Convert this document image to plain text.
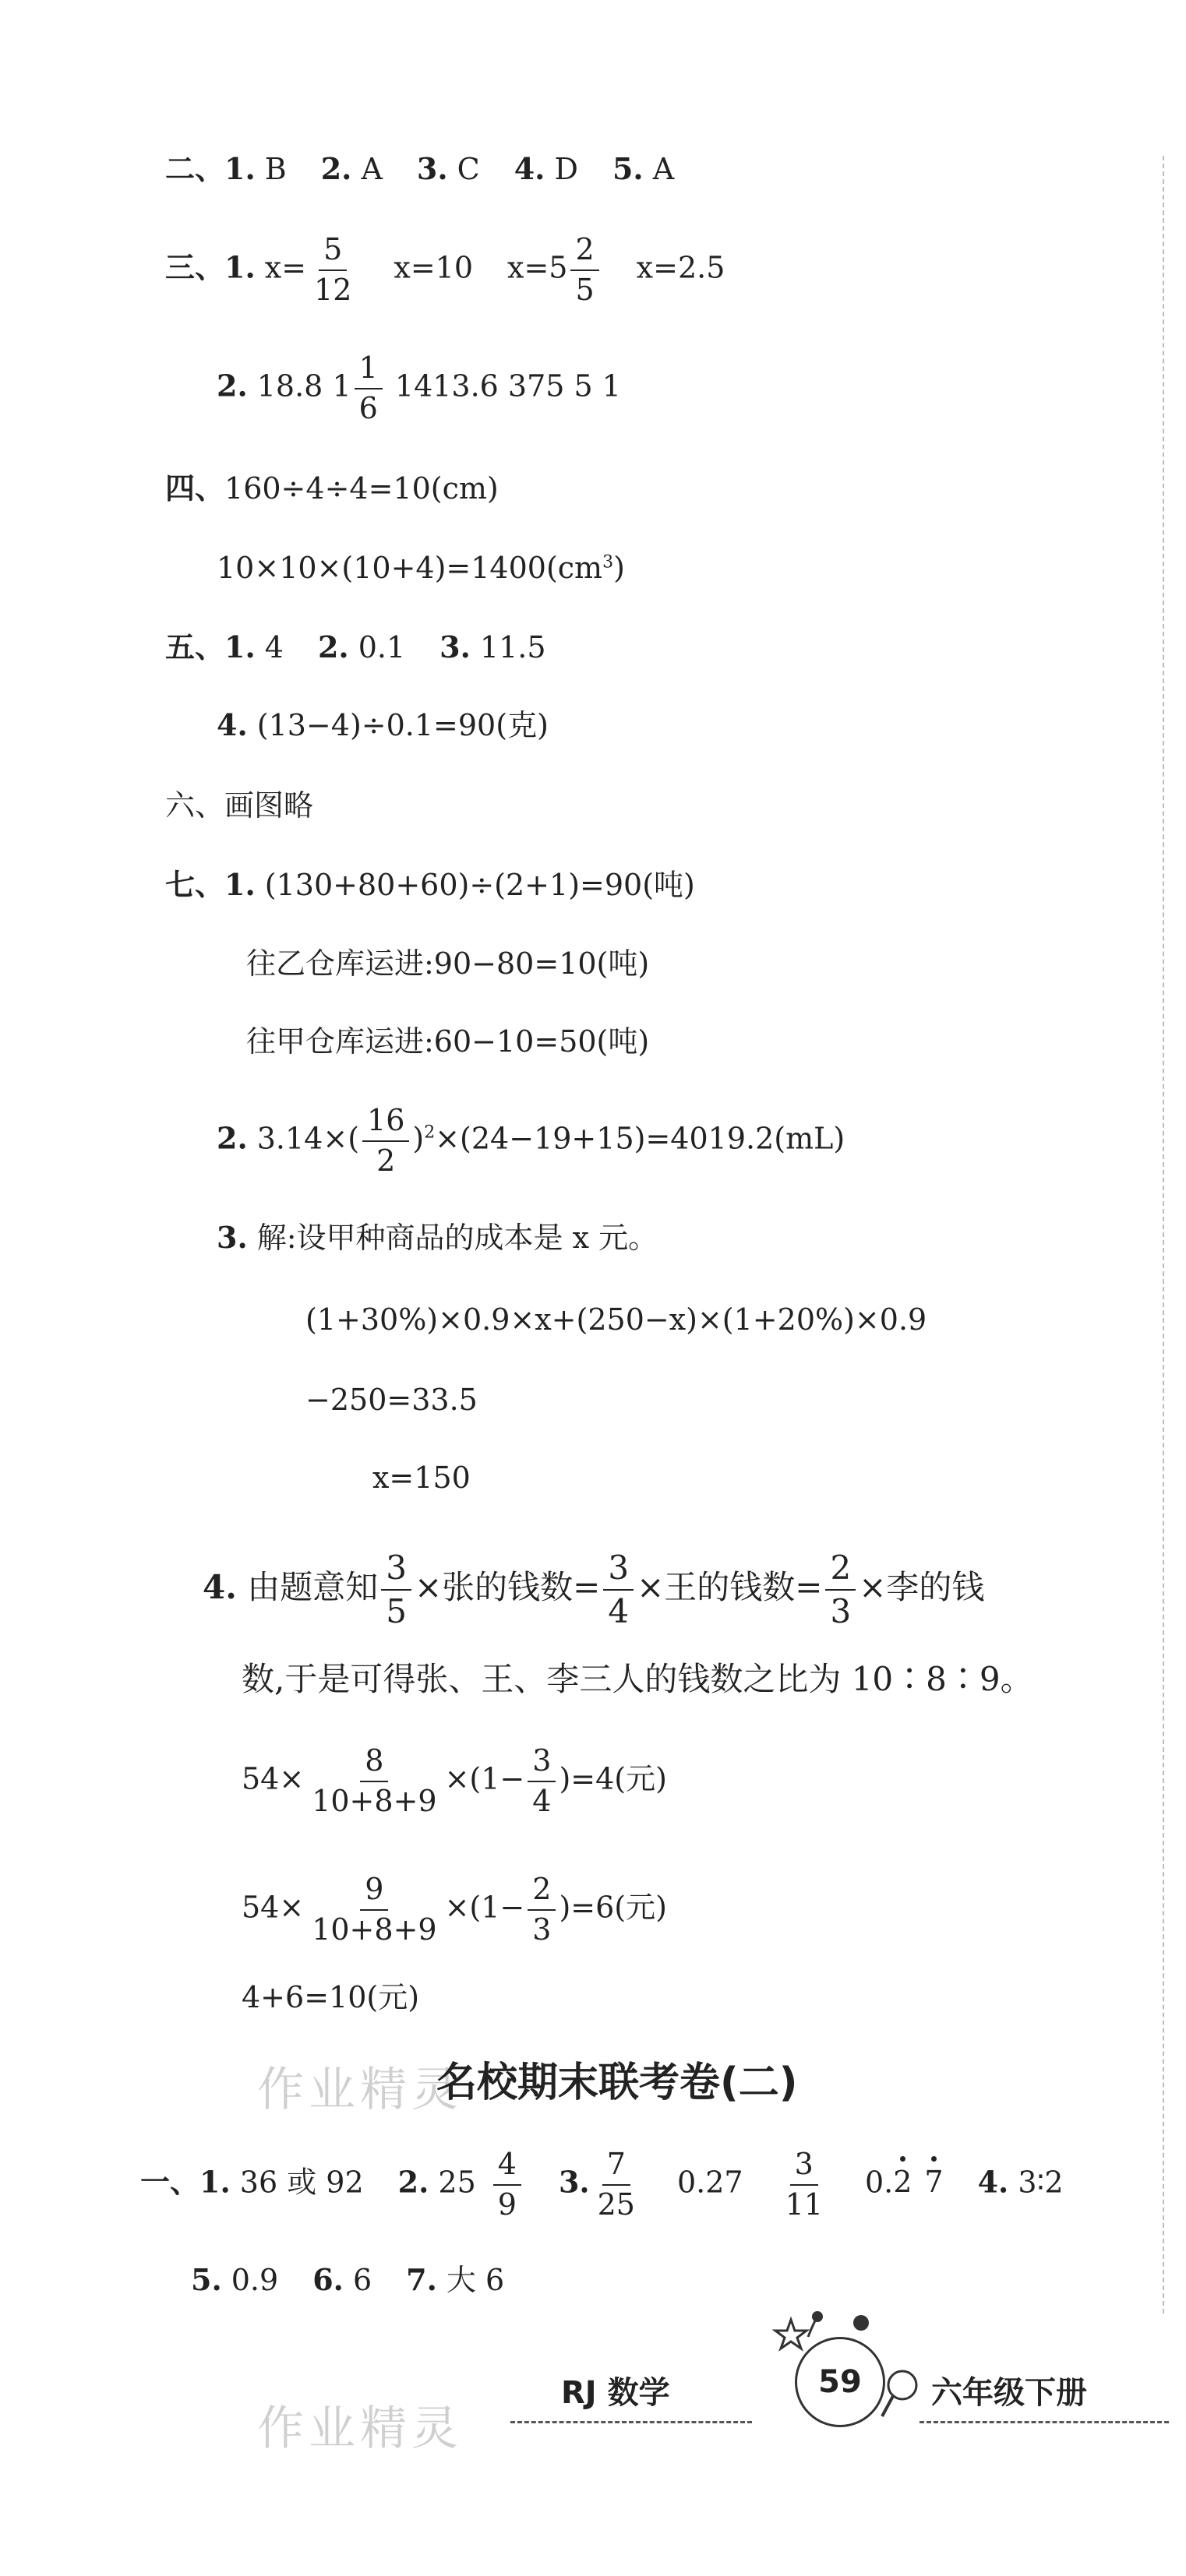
二、1. B 2. A 3. C 4. D 5. A
三、1. $x= \frac{5}{12} x=10$ $x=5 \frac{2}{5} x=2.5$
2. 18.8 $1 \frac{1}{6} 1413.6$ 375 5 1
四、160÷4÷4=10(cm)
$10\times 10\times(10+4)=1400(cm^3)$
五、1. 4 2. 0.1 3. 11.5
4. (13−4)÷0.1=90(克)
六、画图略
七、1. (130+80+60)÷(2+1)=90(吨)
往乙仓库运进:90−80=10(吨)
往甲仓库运进:60−10=50(吨)
2. $3.14\times( \frac{16}{2} )^2\times(24-19+15)=4019.2(mL)$
3. 解:设甲种商品的成本是 x 元。
(1+30%)×0.9×x+(250−x)×(1+20%)×0.9
−250=33.5
x=150
4. 由题意知 $\frac{3}{5}$ ×张的钱数= $\frac{3}{4}$ ×王的钱数= $\frac{2}{3}$ ×李的钱
数,于是可得张、王、李三人的钱数之比为 10∶8∶9。
$54\times \frac{8}{10+8+9} \times(1- \frac{3}{4} )=4$(元)
$54\times \frac{9}{10+8+9} \times(1- \frac{2}{3} )=6$(元)
4+6=10(元)
作业精灵
名校期末联考卷(二)
一、1. 36 或 92 2. $25 \frac{4}{9} 3$. $\frac{7}{25} 0.27 \frac{3}{11} 0.2$ 7 4. 3∶2
5. 0.9 6. 6 7. 大 6
作业精灵
RJ 数学	59 六年级下册
